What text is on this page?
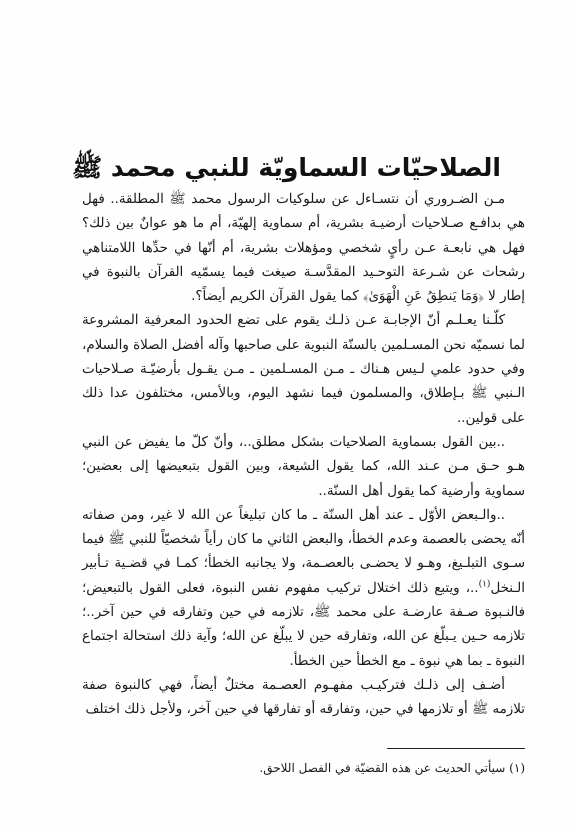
الصلاحيّات السماويّة للنبي محمد ﷺ

مـن الضـروري أن نتسـاءل عن سلوكيات الرسول محمد ﷺ المطلقة.. فهل هي بدافـع صـلاحيات أرضيـة بشرية، أم سماوية إلهيّة، أم ما هو عوانٌ بين ذلك؟ فهل هي نابعـة عـن رأيٍ شخصي ومؤهلات بشرية، أم أنّها في حدِّها اللامتناهي رشحات عن شـرعة التوحـيد المقدَّسـة صيغت فيما يسمّيه القرآن بالنبوة في إطار لا ﴿وَمَا يَنطِقُ عَنِ الْهَوَىٰ﴾ كما يقول القرآن الكريم أيضاً؟.

كلّـنا يعـلـم أنّ الإجابـة عـن ذلـك يقوم على تضع الحدود المعرفية المشروعة لما نسميّه نحن المسـلمين بالسنّة النبوية على صاحبها وآله أفضل الصلاة والسلام، وفي حدود علمي لـيس هـناك ـ مـن المسـلمين ـ مـن يقـول بأرضيّـة صـلاحيات الـنبي ﷺ بـإطلاق، والمسلمون فيما نشهد اليوم، وبالأمس، مختلفون عدا ذلك على قولين..

..بين القول بسماوية الصلاحيات بشكل مطلق..، وأنّ كلّ ما يفيض عن النبي هـو حـق مـن عـند الله، كما يقول الشيعة، وبين القول بتبعيضها إلى بعضين؛ سماوية وأرضية كما يقول أهل السنّة..

..والـبعض الأوّل ـ عند أهل السنّة ـ ما كان تبليغاً عن الله لا غير، ومن صفاته أنّه يحضى بالعصمة وعدم الخطأ، والبعض الثاني ما كان رأياً شخصيّاً للنبي ﷺ فيما سـوى التبلـيغ، وهـو لا يحضـى بالعصـمة، ولا يجانبه الخطأ؛ كمـا في قضـية تـأبير الـنخل$^{(١)}$..، ويتبع ذلك اختلال تركيب مفهوم نفس النبوة، فعلى القول بالتبعيض؛ فالنـبوة صـفة عارضـة على محمد ﷺ، تلازمه في حين وتفارقه في حين آخر..؛ تلازمه حـين يـبلّغ عن الله، وتفارقه حين لا يبلّغ عن الله؛ وآية ذلك استحالة اجتماع النبوة ـ بما هي نبوة ـ مع الخطأ حين الخطأ.

أضـف إلى ذلـك فتركيـب مفهـوم العصـمة مختلٌ أيضاً، فهي كالنبوة صفة تلازمه ﷺ أو تلازمها في حين، وتفارقه أو تفارقها في حين آخر، ولأجل ذلك اختلف

(١) سيأتي الحديث عن هذه القضيّة في الفصل اللاحق.
